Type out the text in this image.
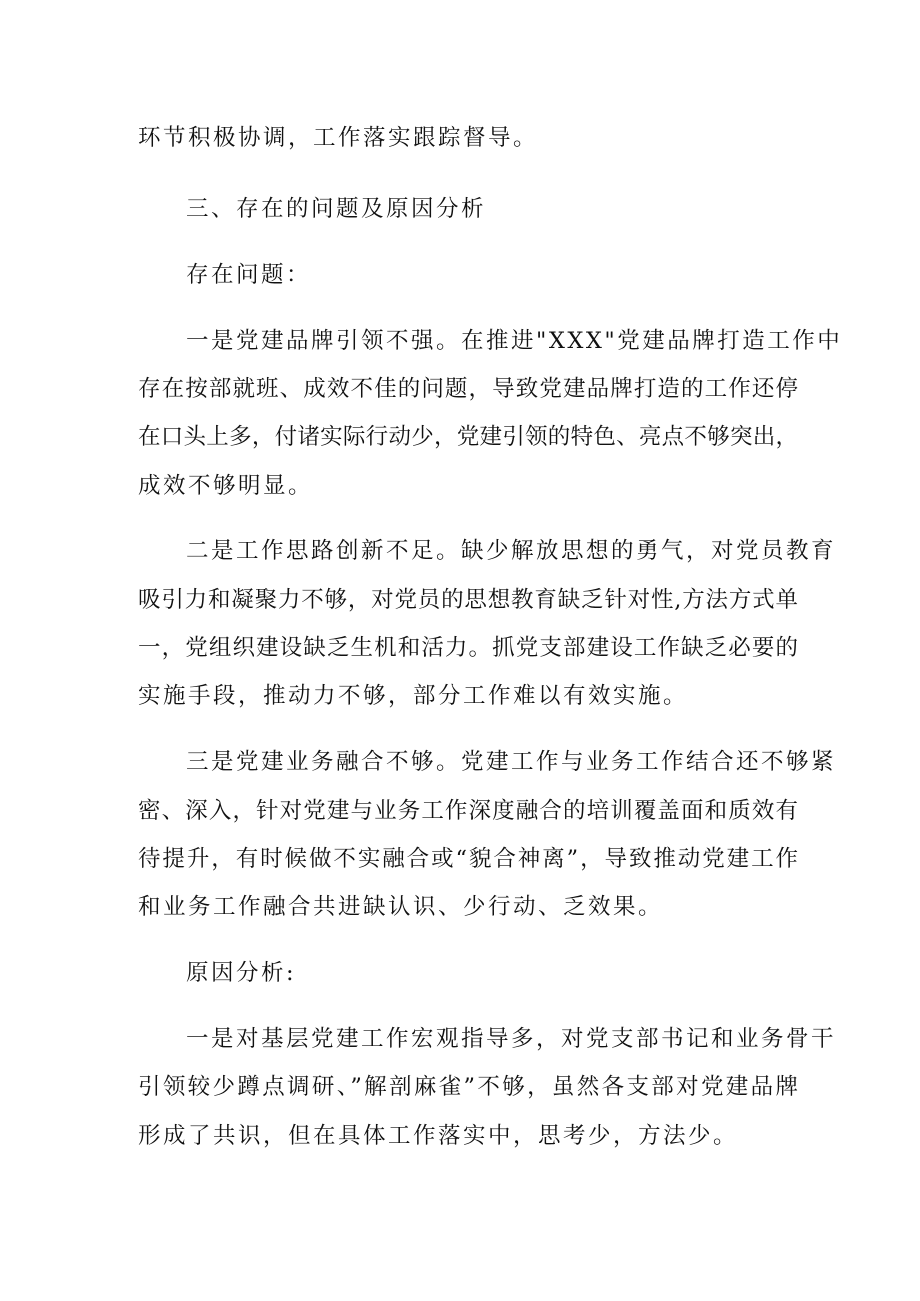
环节积极协调，工作落实跟踪督导。
三、存在的问题及原因分析
存在问题：
一是党建品牌引领不强。在推进"XXX"党建品牌打造工作中
存在按部就班、成效不佳的问题，导致党建品牌打造的工作还停
在口头上多，付诸实际行动少，党建引领的特色、亮点不够突出，
成效不够明显。
二是工作思路创新不足。缺少解放思想的勇气，对党员教育
吸引力和凝聚力不够，对党员的思想教育缺乏针对性,方法方式单
一，党组织建设缺乏生机和活力。抓党支部建设工作缺乏必要的
实施手段，推动力不够，部分工作难以有效实施。
三是党建业务融合不够。党建工作与业务工作结合还不够紧
密、深入，针对党建与业务工作深度融合的培训覆盖面和质效有
待提升，有时候做不实融合或“貌合神离”，导致推动党建工作
和业务工作融合共进缺认识、少行动、乏效果。
原因分析:
一是对基层党建工作宏观指导多，对党支部书记和业务骨干
引领较少蹲点调研、”解剖麻雀”不够，虽然各支部对党建品牌
形成了共识，但在具体工作落实中，思考少，方法少。
